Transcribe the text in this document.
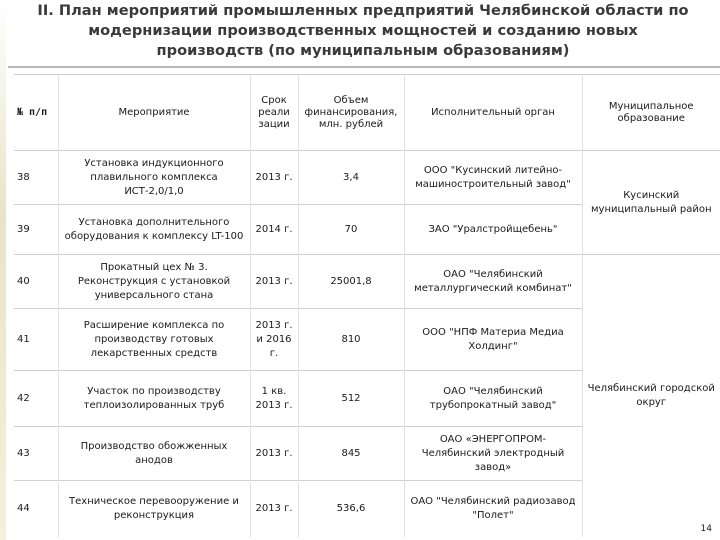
II. План мероприятий промышленных предприятий Челябинской области по
модернизации производственных мощностей и созданию новых
производств (по муниципальным образованиям)
№ п/п	Мероприятие	Срок реали зации	Объем финансирования, млн. рублей	Исполнительный орган	Муниципальное образование
38	Установка индукционного плавильного комплекса ИСТ-2,0/1,0	2013 г.	3,4	ООО "Кусинский литейно-машиностроительный завод"	Кусинский муниципальный район
39	Установка дополнительного оборудования к комплексу LT-100	2014 г.	70	ЗАО "Уралстройщебень"	
40	Прокатный цех № 3. Реконструкция с установкой универсального стана	2013 г.	25001,8	ОАО "Челябинский металлургический комбинат"	Челябинский городской округ
41	Расширение комплекса по производству готовых лекарственных средств	2013 г. и 2016 г.	810	ООО "НПФ Материа Медиа Холдинг"	
42	Участок по производству теплоизолированных труб	1 кв. 2013 г.	512	ОАО "Челябинский трубопрокатный завод"	
43	Производство обожженных анодов	2013 г.	845	ОАО «ЭНЕРГОПРОМ-Челябинский электродный завод»	
44	Техническое перевооружение и реконструкция	2013 г.	536,6	ОАО "Челябинский радиозавод "Полет"	
14
